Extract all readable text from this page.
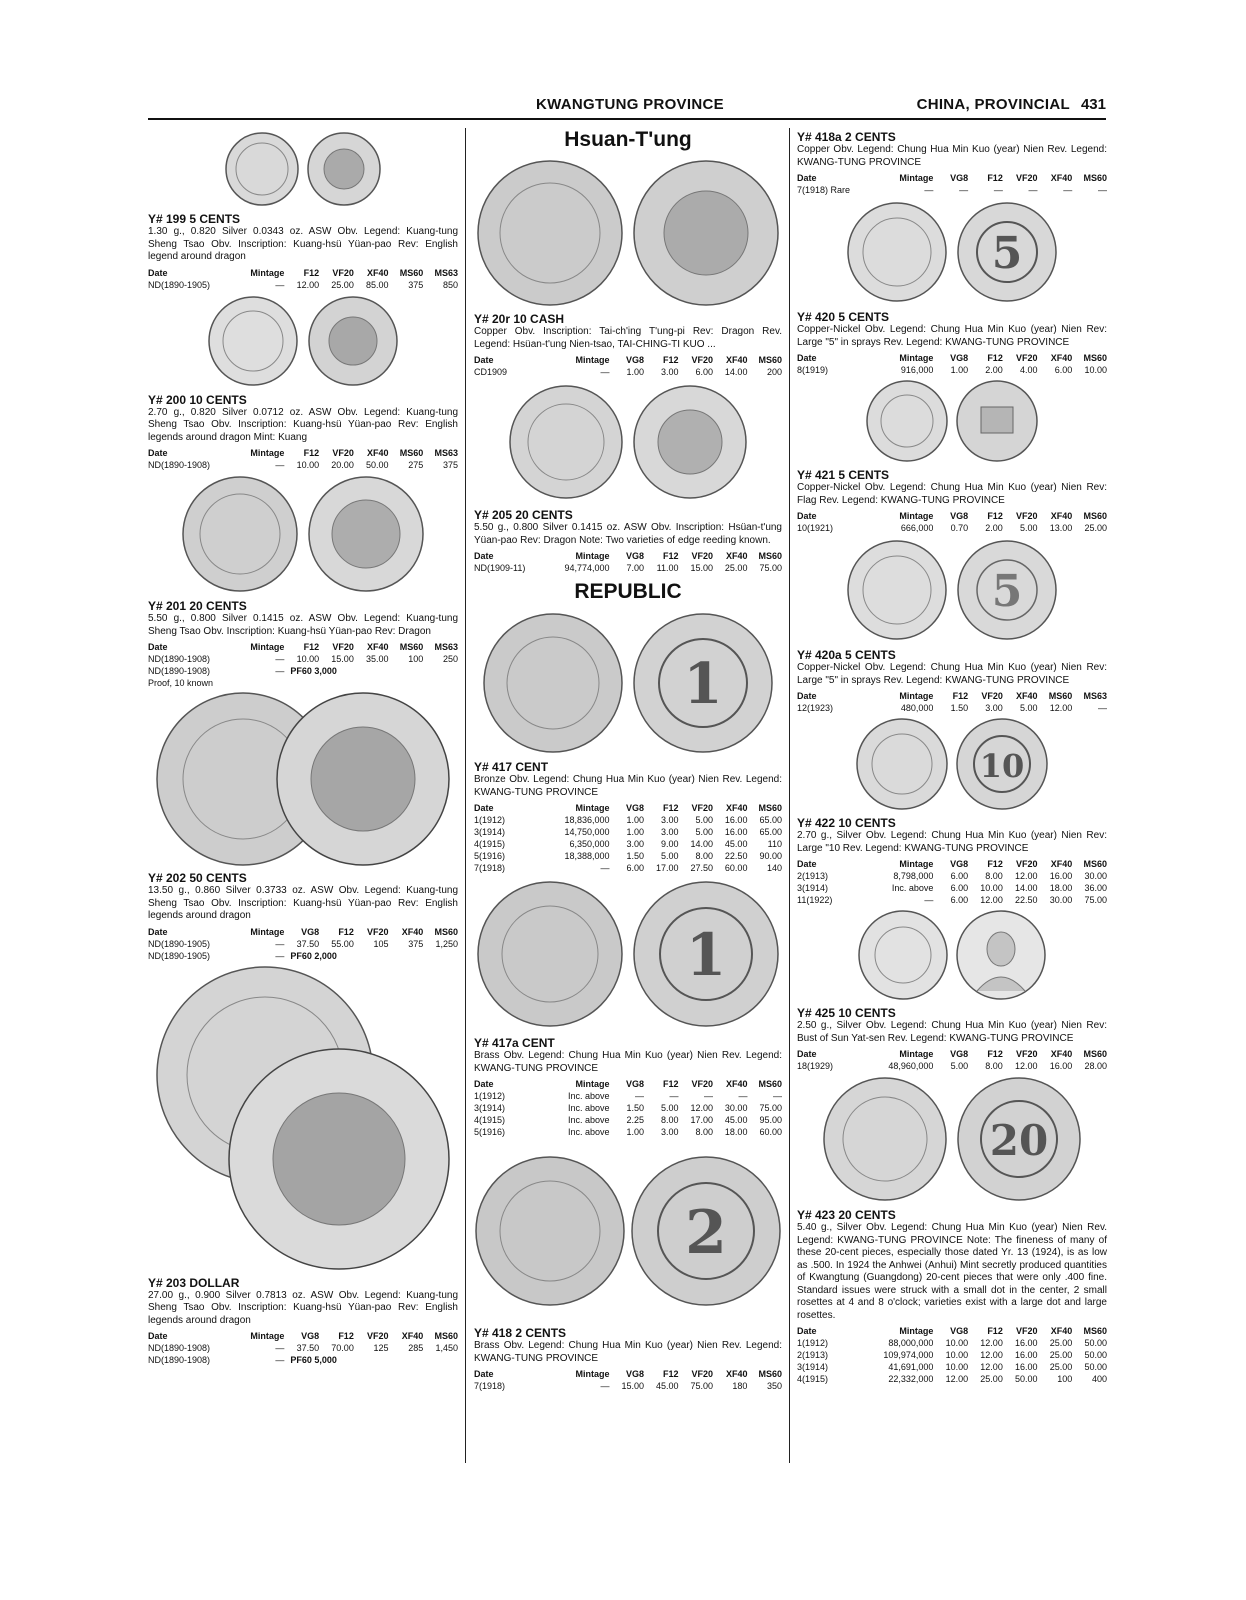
KWANGTUNG PROVINCE	CHINA, PROVINCIAL 431
Y# 199 5 CENTS
1.30 g., 0.820 Silver 0.0343 oz. ASW Obv. Legend: Kuang-tung Sheng Tsao Obv. Inscription: Kuang-hsü Yüan-pao Rev: English legend around dragon
Date	Mintage	F12	VF20	XF40	MS60	MS63
ND(1890-1905)	—	12.00	25.00	85.00	375	850
Y# 200 10 CENTS
2.70 g., 0.820 Silver 0.0712 oz. ASW Obv. Legend: Kuang-tung Sheng Tsao Obv. Inscription: Kuang-hsü Yüan-pao Rev: English legends around dragon Mint: Kuang
Date	Mintage	F12	VF20	XF40	MS60	MS63
ND(1890-1908)	—	10.00	20.00	50.00	275	375
Y# 201 20 CENTS
5.50 g., 0.800 Silver 0.1415 oz. ASW Obv. Legend: Kuang-tung Sheng Tsao Obv. Inscription: Kuang-hsü Yüan-pao Rev: Dragon
Date	Mintage	F12	VF20	XF40	MS60	MS63
ND(1890-1908)	—	10.00	15.00	35.00	100	250
ND(1890-1908)	—	PF60 3,000				
Proof, 10 known
Y# 202 50 CENTS
13.50 g., 0.860 Silver 0.3733 oz. ASW Obv. Legend: Kuang-tung Sheng Tsao Obv. Inscription: Kuang-hsü Yüan-pao Rev: English legends around dragon
Date	Mintage	VG8	F12	VF20	XF40	MS60
ND(1890-1905)	—	37.50	55.00	105	375	1,250
ND(1890-1905)	—	PF60 2,000				
Y# 203 DOLLAR
27.00 g., 0.900 Silver 0.7813 oz. ASW Obv. Legend: Kuang-tung Sheng Tsao Obv. Inscription: Kuang-hsü Yüan-pao Rev: English legends around dragon
Date	Mintage	VG8	F12	VF20	XF40	MS60
ND(1890-1908)	—	37.50	70.00	125	285	1,450
ND(1890-1908)	—	PF60 5,000				
Hsuan-T'ung
Y# 20r 10 CASH
Copper Obv. Inscription: Tai-ch'ing T'ung-pi Rev: Dragon Rev. Legend: Hsüan-t'ung Nien-tsao, TAI-CHING-TI KUO ...
Date	Mintage	VG8	F12	VF20	XF40	MS60
CD1909	—	1.00	3.00	6.00	14.00	200
Y# 205 20 CENTS
5.50 g., 0.800 Silver 0.1415 oz. ASW Obv. Inscription: Hsüan-t'ung Yüan-pao Rev: Dragon Note: Two varieties of edge reeding known.
Date	Mintage	VG8	F12	VF20	XF40	MS60
ND(1909-11)	94,774,000	7.00	11.00	15.00	25.00	75.00
REPUBLIC
1
Y# 417 CENT
Bronze Obv. Legend: Chung Hua Min Kuo (year) Nien Rev. Legend: KWANG-TUNG PROVINCE
Date	Mintage	VG8	F12	VF20	XF40	MS60
1(1912)	18,836,000	1.00	3.00	5.00	16.00	65.00
3(1914)	14,750,000	1.00	3.00	5.00	16.00	65.00
4(1915)	6,350,000	3.00	9.00	14.00	45.00	110
5(1916)	18,388,000	1.50	5.00	8.00	22.50	90.00
7(1918)	—	6.00	17.00	27.50	60.00	140
1
Y# 417a CENT
Brass Obv. Legend: Chung Hua Min Kuo (year) Nien Rev. Legend: KWANG-TUNG PROVINCE
Date	Mintage	VG8	F12	VF20	XF40	MS60
1(1912)	Inc. above	—	—	—	—	—
3(1914)	Inc. above	1.50	5.00	12.00	30.00	75.00
4(1915)	Inc. above	2.25	8.00	17.00	45.00	95.00
5(1916)	Inc. above	1.00	3.00	8.00	18.00	60.00
2
Y# 418 2 CENTS
Brass Obv. Legend: Chung Hua Min Kuo (year) Nien Rev. Legend: KWANG-TUNG PROVINCE
Date	Mintage	VG8	F12	VF20	XF40	MS60
7(1918)	—	15.00	45.00	75.00	180	350
Y# 418a 2 CENTS
Copper Obv. Legend: Chung Hua Min Kuo (year) Nien Rev. Legend: KWANG-TUNG PROVINCE
Date	Mintage	VG8	F12	VF20	XF40	MS60
7(1918) Rare	—	—	—	—	—	—
5
Y# 420 5 CENTS
Copper-Nickel Obv. Legend: Chung Hua Min Kuo (year) Nien Rev: Large "5" in sprays Rev. Legend: KWANG-TUNG PROVINCE
Date	Mintage	VG8	F12	VF20	XF40	MS60
8(1919)	916,000	1.00	2.00	4.00	6.00	10.00
Y# 421 5 CENTS
Copper-Nickel Obv. Legend: Chung Hua Min Kuo (year) Nien Rev: Flag Rev. Legend: KWANG-TUNG PROVINCE
Date	Mintage	VG8	F12	VF20	XF40	MS60
10(1921)	666,000	0.70	2.00	5.00	13.00	25.00
5
Y# 420a 5 CENTS
Copper-Nickel Obv. Legend: Chung Hua Min Kuo (year) Nien Rev: Large "5" in sprays Rev. Legend: KWANG-TUNG PROVINCE
Date	Mintage	F12	VF20	XF40	MS60	MS63
12(1923)	480,000	1.50	3.00	5.00	12.00	—
10
Y# 422 10 CENTS
2.70 g., Silver Obv. Legend: Chung Hua Min Kuo (year) Nien Rev: Large "10 Rev. Legend: KWANG-TUNG PROVINCE
Date	Mintage	VG8	F12	VF20	XF40	MS60
2(1913)	8,798,000	6.00	8.00	12.00	16.00	30.00
3(1914)	Inc. above	6.00	10.00	14.00	18.00	36.00
11(1922)	—	6.00	12.00	22.50	30.00	75.00
Y# 425 10 CENTS
2.50 g., Silver Obv. Legend: Chung Hua Min Kuo (year) Nien Rev: Bust of Sun Yat-sen Rev. Legend: KWANG-TUNG PROVINCE
Date	Mintage	VG8	F12	VF20	XF40	MS60
18(1929)	48,960,000	5.00	8.00	12.00	16.00	28.00
20
Y# 423 20 CENTS
5.40 g., Silver Obv. Legend: Chung Hua Min Kuo (year) Nien Rev. Legend: KWANG-TUNG PROVINCE Note: The fineness of many of these 20-cent pieces, especially those dated Yr. 13 (1924), is as low as .500. In 1924 the Anhwei (Anhui) Mint secretly produced quantities of Kwangtung (Guangdong) 20-cent pieces that were only .400 fine. Standard issues were struck with a small dot in the center, 2 small rosettes at 4 and 8 o'clock; varieties exist with a large dot and large rosettes.
Date	Mintage	VG8	F12	VF20	XF40	MS60
1(1912)	88,000,000	10.00	12.00	16.00	25.00	50.00
2(1913)	109,974,000	10.00	12.00	16.00	25.00	50.00
3(1914)	41,691,000	10.00	12.00	16.00	25.00	50.00
4(1915)	22,332,000	12.00	25.00	50.00	100	400
